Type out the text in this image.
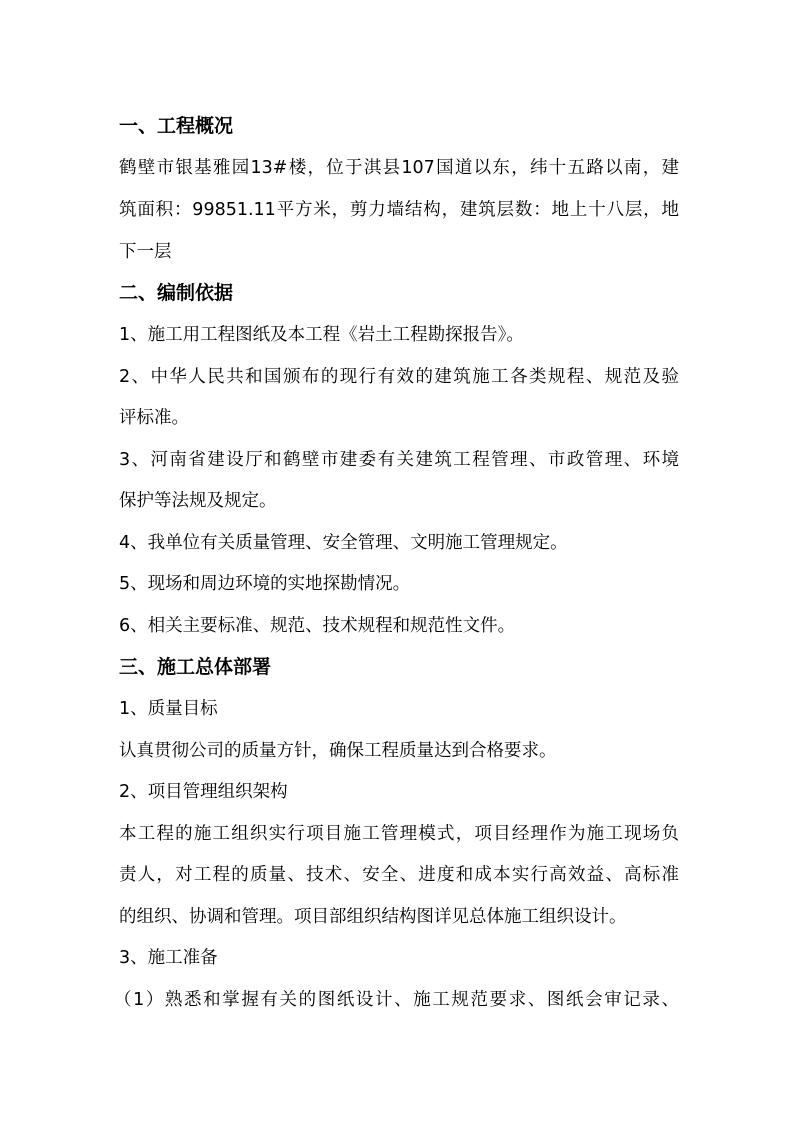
一、工程概况
鹤壁市银基雅园13#楼，位于淇县107国道以东，纬十五路以南，建
筑面积：99851.11平方米，剪力墙结构，建筑层数：地上十八层，地
下一层
二、编制依据
1、施工用工程图纸及本工程《岩土工程勘探报告》。
2、中华人民共和国颁布的现行有效的建筑施工各类规程、规范及验
评标准。
3、河南省建设厅和鹤壁市建委有关建筑工程管理、市政管理、环境
保护等法规及规定。
4、我单位有关质量管理、安全管理、文明施工管理规定。
5、现场和周边环境的实地探勘情况。
6、相关主要标准、规范、技术规程和规范性文件。
三、施工总体部署
1、质量目标
认真贯彻公司的质量方针，确保工程质量达到合格要求。
2、项目管理组织架构
本工程的施工组织实行项目施工管理模式，项目经理作为施工现场负
责人，对工程的质量、技术、安全、进度和成本实行高效益、高标准
的组织、协调和管理。项目部组织结构图详见总体施工组织设计。
3、施工准备
（1）熟悉和掌握有关的图纸设计、施工规范要求、图纸会审记录、
